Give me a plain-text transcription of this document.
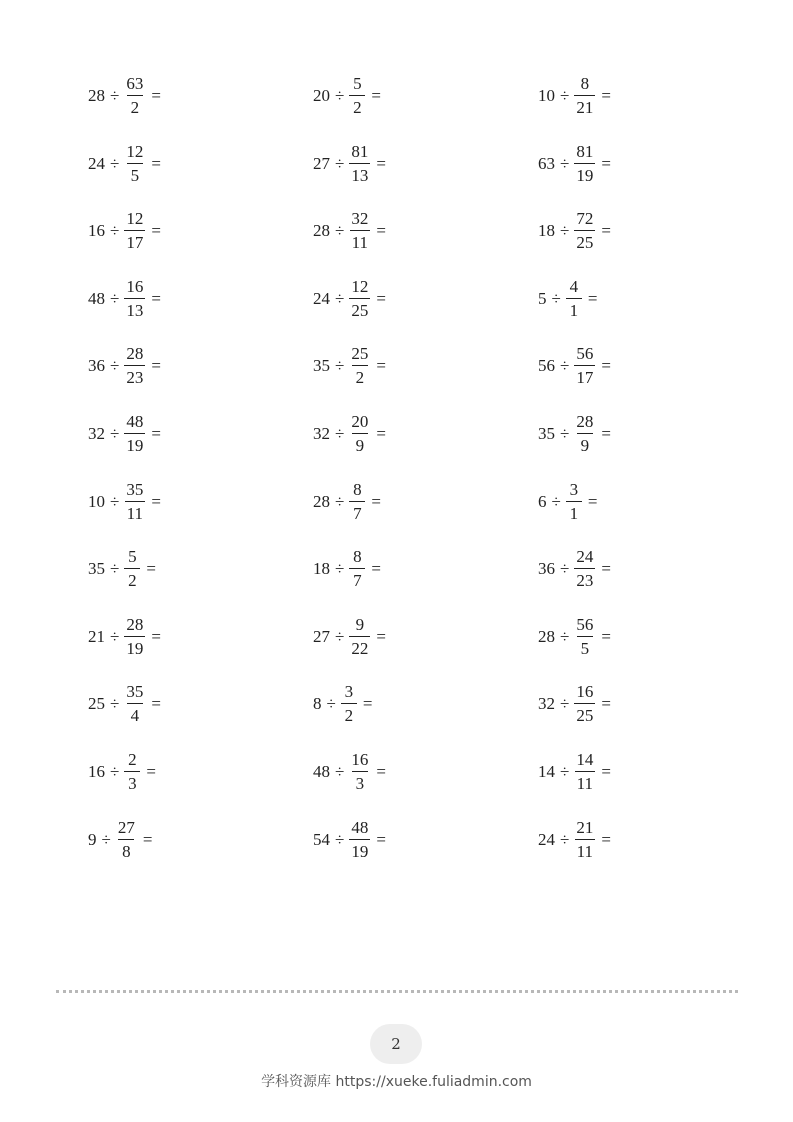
$28 \div \frac{63}{2}$ =	$20 \div \frac{5}{2}$ =	$10 \div \frac{8}{21}$ =
$24 \div \frac{12}{5}$ =	$27 \div \frac{81}{13}$ =	$63 \div \frac{81}{19}$ =
$16 \div \frac{12}{17}$ =	$28 \div \frac{32}{11}$ =	$18 \div \frac{72}{25}$ =
$48 \div \frac{16}{13}$ =	$24 \div \frac{12}{25}$ =	$5 \div \frac{4}{1}$ =
$36 \div \frac{28}{23}$ =	$35 \div \frac{25}{2}$ =	$56 \div \frac{56}{17}$ =
$32 \div \frac{48}{19}$ =	$32 \div \frac{20}{9}$ =	$35 \div \frac{28}{9}$ =
$10 \div \frac{35}{11}$ =	$28 \div \frac{8}{7}$ =	$6 \div \frac{3}{1}$ =
$35 \div \frac{5}{2}$ =	$18 \div \frac{8}{7}$ =	$36 \div \frac{24}{23}$ =
$21 \div \frac{28}{19}$ =	$27 \div \frac{9}{22}$ =	$28 \div \frac{56}{5}$ =
$25 \div \frac{35}{4}$ =	$8 \div \frac{3}{2}$ =	$32 \div \frac{16}{25}$ =
$16 \div \frac{2}{3}$ =	$48 \div \frac{16}{3}$ =	$14 \div \frac{14}{11}$ =
$9 \div \frac{27}{8}$ =	$54 \div \frac{48}{19}$ =	$24 \div \frac{21}{11}$ =
2
学科资源库 https://xueke.fuliadmin.com
